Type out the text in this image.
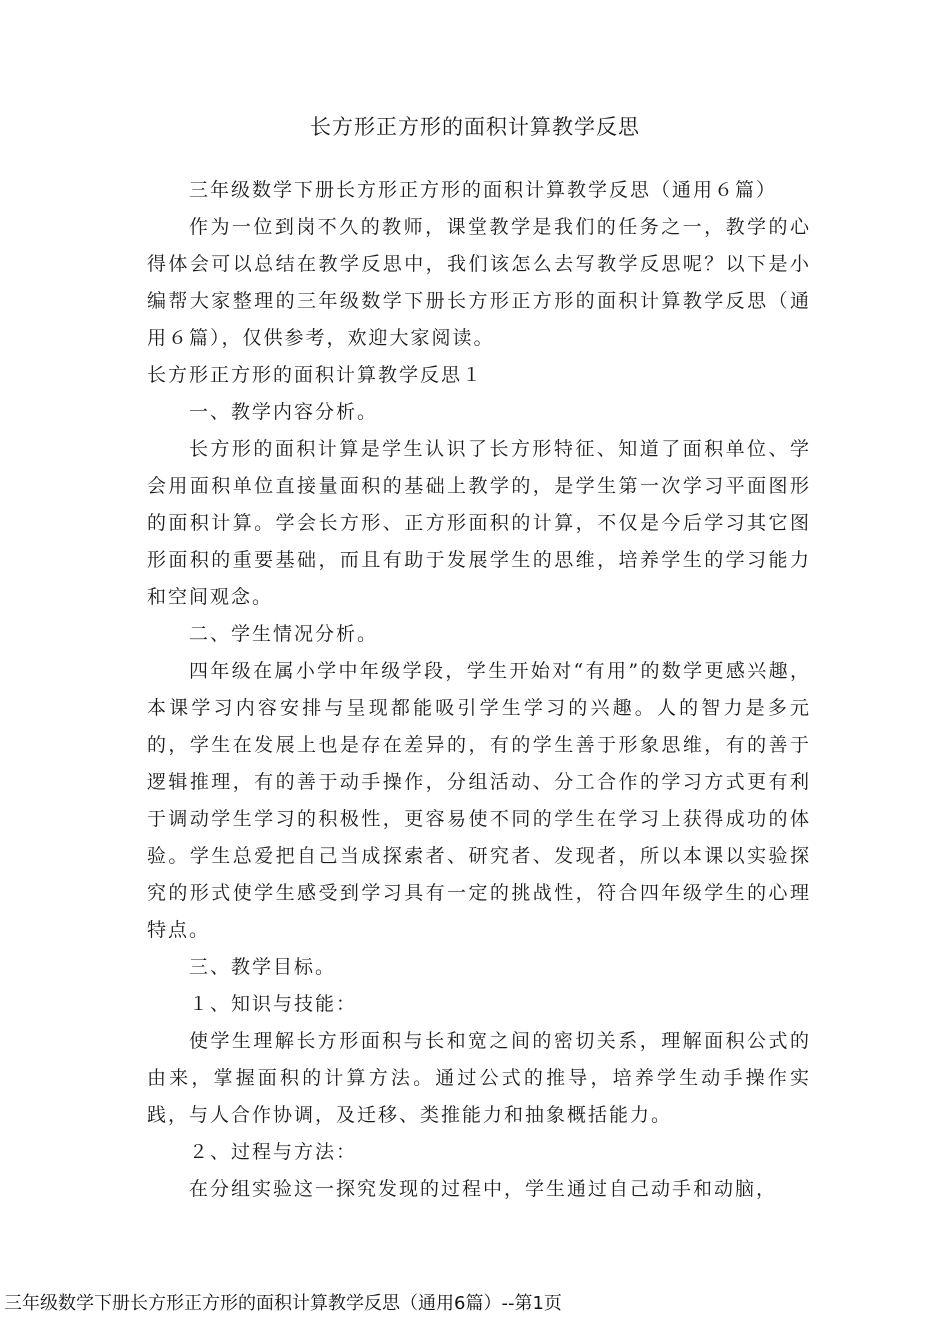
长方形正方形的面积计算教学反思

三年级数学下册长方形正方形的面积计算教学反思（通用６篇）

作为一位到岗不久的教师，课堂教学是我们的任务之一，教学的心得体会可以总结在教学反思中，我们该怎么去写教学反思呢？以下是小编帮大家整理的三年级数学下册长方形正方形的面积计算教学反思（通用６篇），仅供参考，欢迎大家阅读。

长方形正方形的面积计算教学反思１

一、教学内容分析。

长方形的面积计算是学生认识了长方形特征、知道了面积单位、学会用面积单位直接量面积的基础上教学的，是学生第一次学习平面图形的面积计算。学会长方形、正方形面积的计算，不仅是今后学习其它图形面积的重要基础，而且有助于发展学生的思维，培养学生的学习能力和空间观念。

二、学生情况分析。

四年级在属小学中年级学段，学生开始对“有用”的数学更感兴趣，本课学习内容安排与呈现都能吸引学生学习的兴趣。人的智力是多元的，学生在发展上也是存在差异的，有的学生善于形象思维，有的善于逻辑推理，有的善于动手操作，分组活动、分工合作的学习方式更有利于调动学生学习的积极性，更容易使不同的学生在学习上获得成功的体验。学生总爱把自己当成探索者、研究者、发现者，所以本课以实验探究的形式使学生感受到学习具有一定的挑战性，符合四年级学生的心理特点。

三、教学目标。

１、知识与技能：

使学生理解长方形面积与长和宽之间的密切关系，理解面积公式的由来，掌握面积的计算方法。通过公式的推导，培养学生动手操作实践，与人合作协调，及迁移、类推能力和抽象概括能力。

２、过程与方法：

在分组实验这一探究发现的过程中，学生通过自己动手和动脑，

三年级数学下册长方形正方形的面积计算教学反思（通用6篇）--第1页
